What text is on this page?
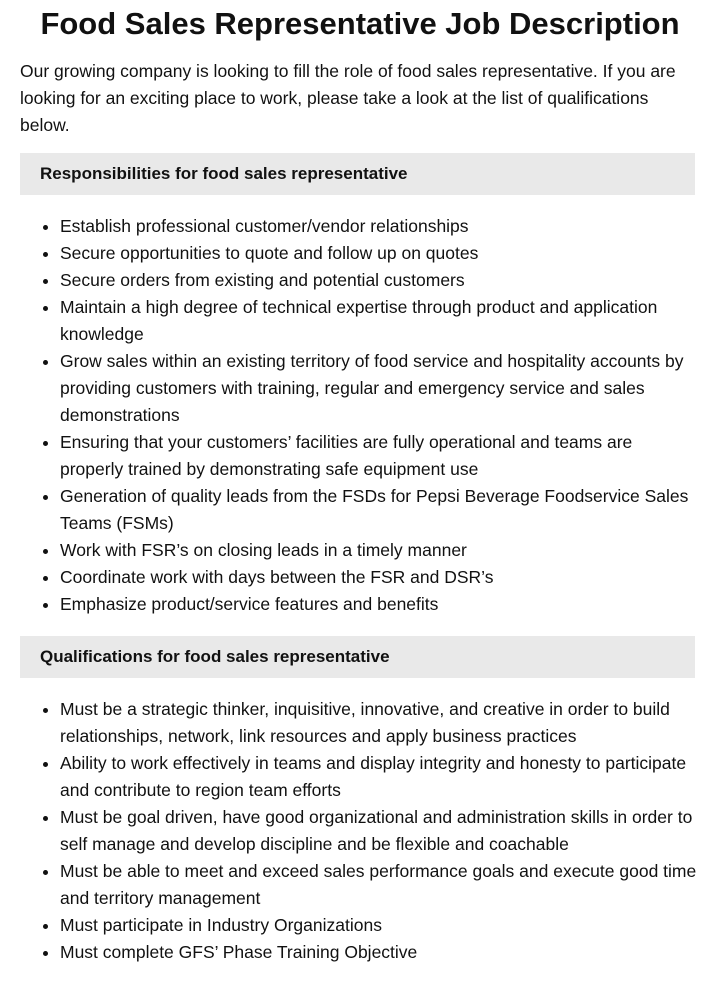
Food Sales Representative Job Description

Our growing company is looking to fill the role of food sales representative. If you are looking for an exciting place to work, please take a look at the list of qualifications below.

Responsibilities for food sales representative
• Establish professional customer/vendor relationships
• Secure opportunities to quote and follow up on quotes
• Secure orders from existing and potential customers
• Maintain a high degree of technical expertise through product and application knowledge
• Grow sales within an existing territory of food service and hospitality accounts by providing customers with training, regular and emergency service and sales demonstrations
• Ensuring that your customers’ facilities are fully operational and teams are properly trained by demonstrating safe equipment use
• Generation of quality leads from the FSDs for Pepsi Beverage Foodservice Sales Teams (FSMs)
• Work with FSR’s on closing leads in a timely manner
• Coordinate work with days between the FSR and DSR’s
• Emphasize product/service features and benefits
Qualifications for food sales representative
• Must be a strategic thinker, inquisitive, innovative, and creative in order to build relationships, network, link resources and apply business practices
• Ability to work effectively in teams and display integrity and honesty to participate and contribute to region team efforts
• Must be goal driven, have good organizational and administration skills in order to self manage and develop discipline and be flexible and coachable
• Must be able to meet and exceed sales performance goals and execute good time and territory management
• Must participate in Industry Organizations
• Must complete GFS’ Phase Training Objective
